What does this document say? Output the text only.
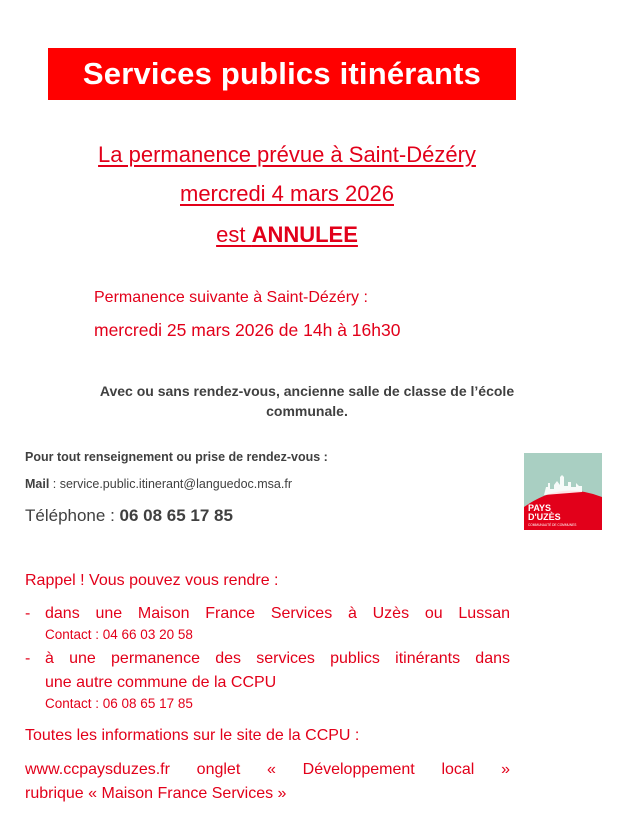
Services publics itinérants
La permanence prévue à Saint-Dézéry
mercredi 4 mars 2026
est ANNULEE
Permanence suivante à Saint-Dézéry :
mercredi 25 mars 2026 de 14h à 16h30
Avec ou sans rendez-vous, ancienne salle de classe de l’école
communale.
Pour tout renseignement ou prise de rendez-vous :
Mail : service.public.itinerant@languedoc.msa.fr
Téléphone : 06 08 65 17 85	PAYS
D'UZÈS
COMMUNAUTÉ DE COMMUNES
Rappel ! Vous pouvez vous rendre :
- dans une Maison France Services à Uzès ou Lussan
Contact : 04 66 03 20 58
- à une permanence des services publics itinérants dans
une autre commune de la CCPU
Contact : 06 08 65 17 85
Toutes les informations sur le site de la CCPU :
www.ccpaysduzes.fr onglet « Développement local »
rubrique « Maison France Services »
